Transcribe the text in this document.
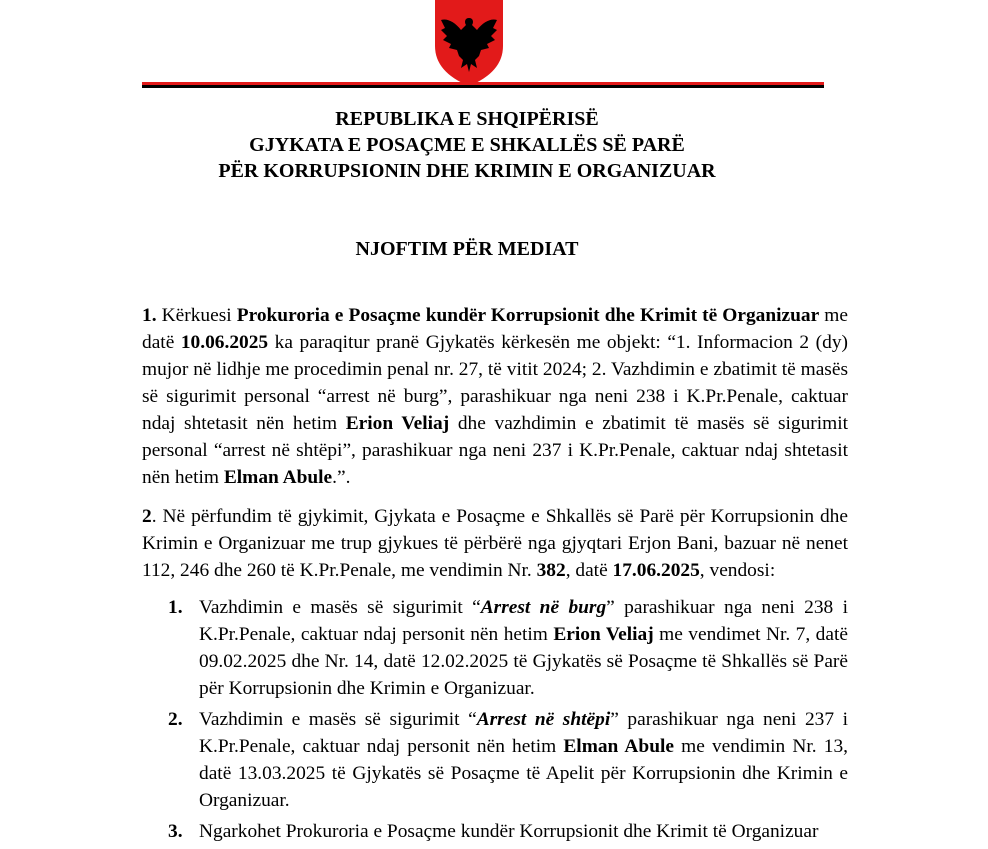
REPUBLIKA E SHQIPËRISË
GJYKATA E POSAÇME E SHKALLËS SË PARË
PËR KORRUPSIONIN DHE KRIMIN E ORGANIZUAR
NJOFTIM PËR MEDIAT
1. Kërkuesi Prokuroria e Posaçme kundër Korrupsionit dhe Krimit të Organizuar me datë 10.06.2025 ka paraqitur pranë Gjykatës kërkesën me objekt: “1. Informacion 2 (dy) mujor në lidhje me procedimin penal nr. 27, të vitit 2024; 2. Vazhdimin e zbatimit të masës së sigurimit personal “arrest në burg”, parashikuar nga neni 238 i K.Pr.Penale, caktuar ndaj shtetasit nën hetim Erion Veliaj dhe vazhdimin e zbatimit të masës së sigurimit personal “arrest në shtëpi”, parashikuar nga neni 237 i K.Pr.Penale, caktuar ndaj shtetasit nën hetim Elman Abule.”.
2. Në përfundim të gjykimit, Gjykata e Posaçme e Shkallës së Parë për Korrupsionin dhe Krimin e Organizuar me trup gjykues të përbërë nga gjyqtari Erjon Bani, bazuar në nenet 112, 246 dhe 260 të K.Pr.Penale, me vendimin Nr. 382, datë 17.06.2025, vendosi:
1. Vazhdimin e masës së sigurimit “Arrest në burg” parashikuar nga neni 238 i K.Pr.Penale, caktuar ndaj personit nën hetim Erion Veliaj me vendimet Nr. 7, datë 09.02.2025 dhe Nr. 14, datë 12.02.2025 të Gjykatës së Posaçme të Shkallës së Parë për Korrupsionin dhe Krimin e Organizuar.
2. Vazhdimin e masës së sigurimit “Arrest në shtëpi” parashikuar nga neni 237 i K.Pr.Penale, caktuar ndaj personit nën hetim Elman Abule me vendimin Nr. 13, datë 13.03.2025 të Gjykatës së Posaçme të Apelit për Korrupsionin dhe Krimin e Organizuar.
3. Ngarkohet Prokuroria e Posaçme kundër Korrupsionit dhe Krimit të Organizuar
